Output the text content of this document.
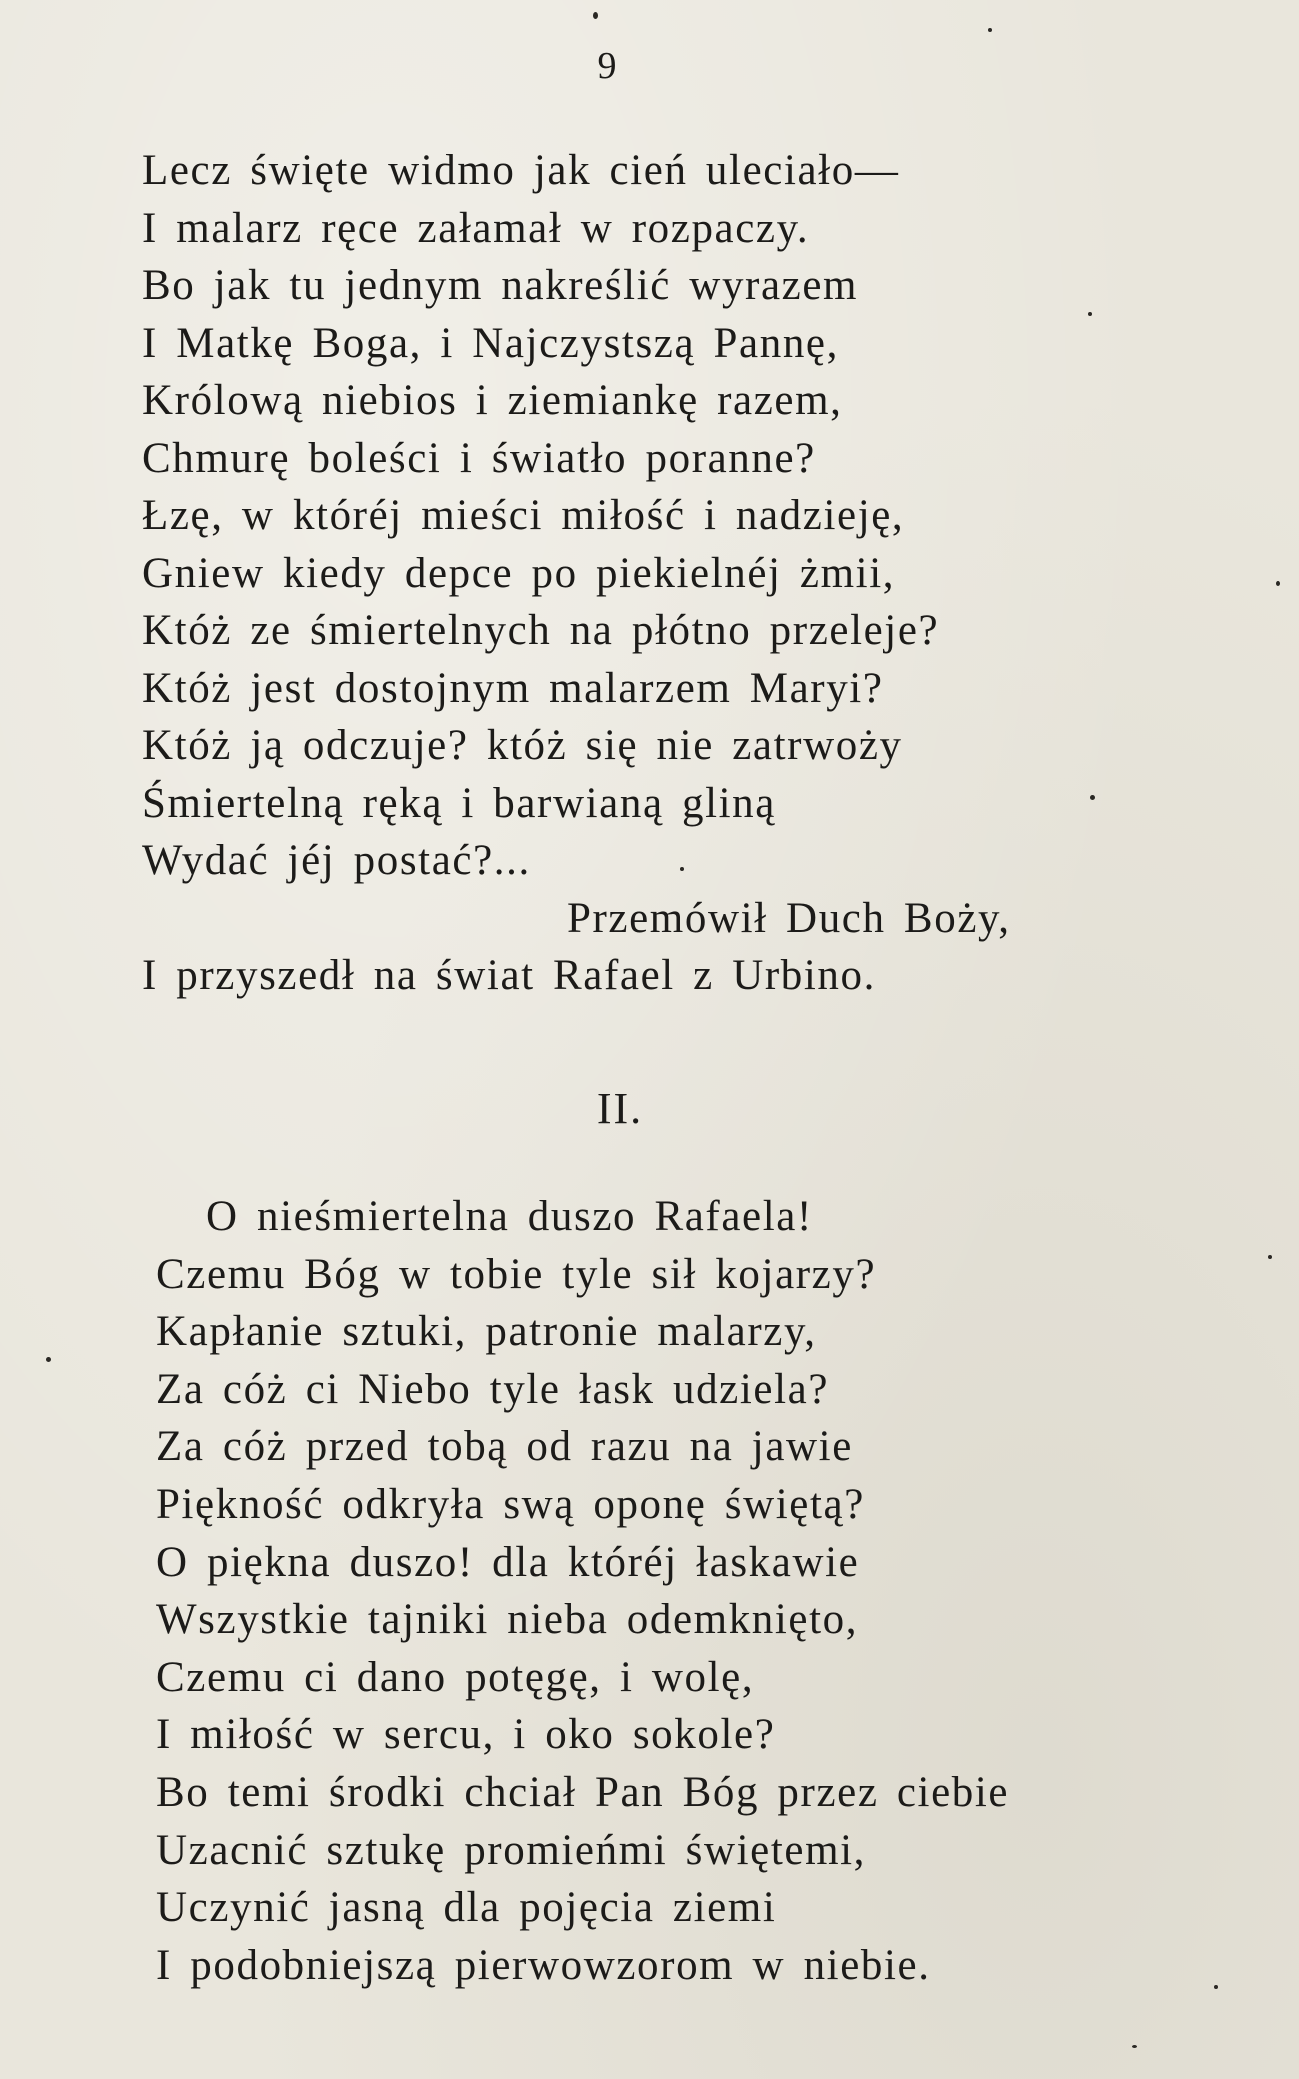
9
Lecz święte widmo jak cień uleciało—
I malarz ręce załamał w rozpaczy.
Bo jak tu jednym nakreślić wyrazem
I Matkę Boga, i Najczystszą Pannę,
Królową niebios i ziemiankę razem,
Chmurę boleści i światło poranne?
Łzę, w któréj mieści miłość i nadzieję,
Gniew kiedy depce po piekielnéj żmii,
Któż ze śmiertelnych na płótno przeleje?
Któż jest dostojnym malarzem Maryi?
Któż ją odczuje? któż się nie zatrwoży
Śmiertelną ręką i barwianą gliną
Wydać jéj postać?...
Przemówił Duch Boży,
I przyszedł na świat Rafael z Urbino.
II.
O nieśmiertelna duszo Rafaela!
Czemu Bóg w tobie tyle sił kojarzy?
Kapłanie sztuki, patronie malarzy,
Za cóż ci Niebo tyle łask udziela?
Za cóż przed tobą od razu na jawie
Piękność odkryła swą oponę świętą?
O piękna duszo! dla któréj łaskawie
Wszystkie tajniki nieba odemknięto,
Czemu ci dano potęgę, i wolę,
I miłość w sercu, i oko sokole?
Bo temi środki chciał Pan Bóg przez ciebie
Uzacnić sztukę promieńmi świętemi,
Uczynić jasną dla pojęcia ziemi
I podobniejszą pierwowzorom w niebie.
